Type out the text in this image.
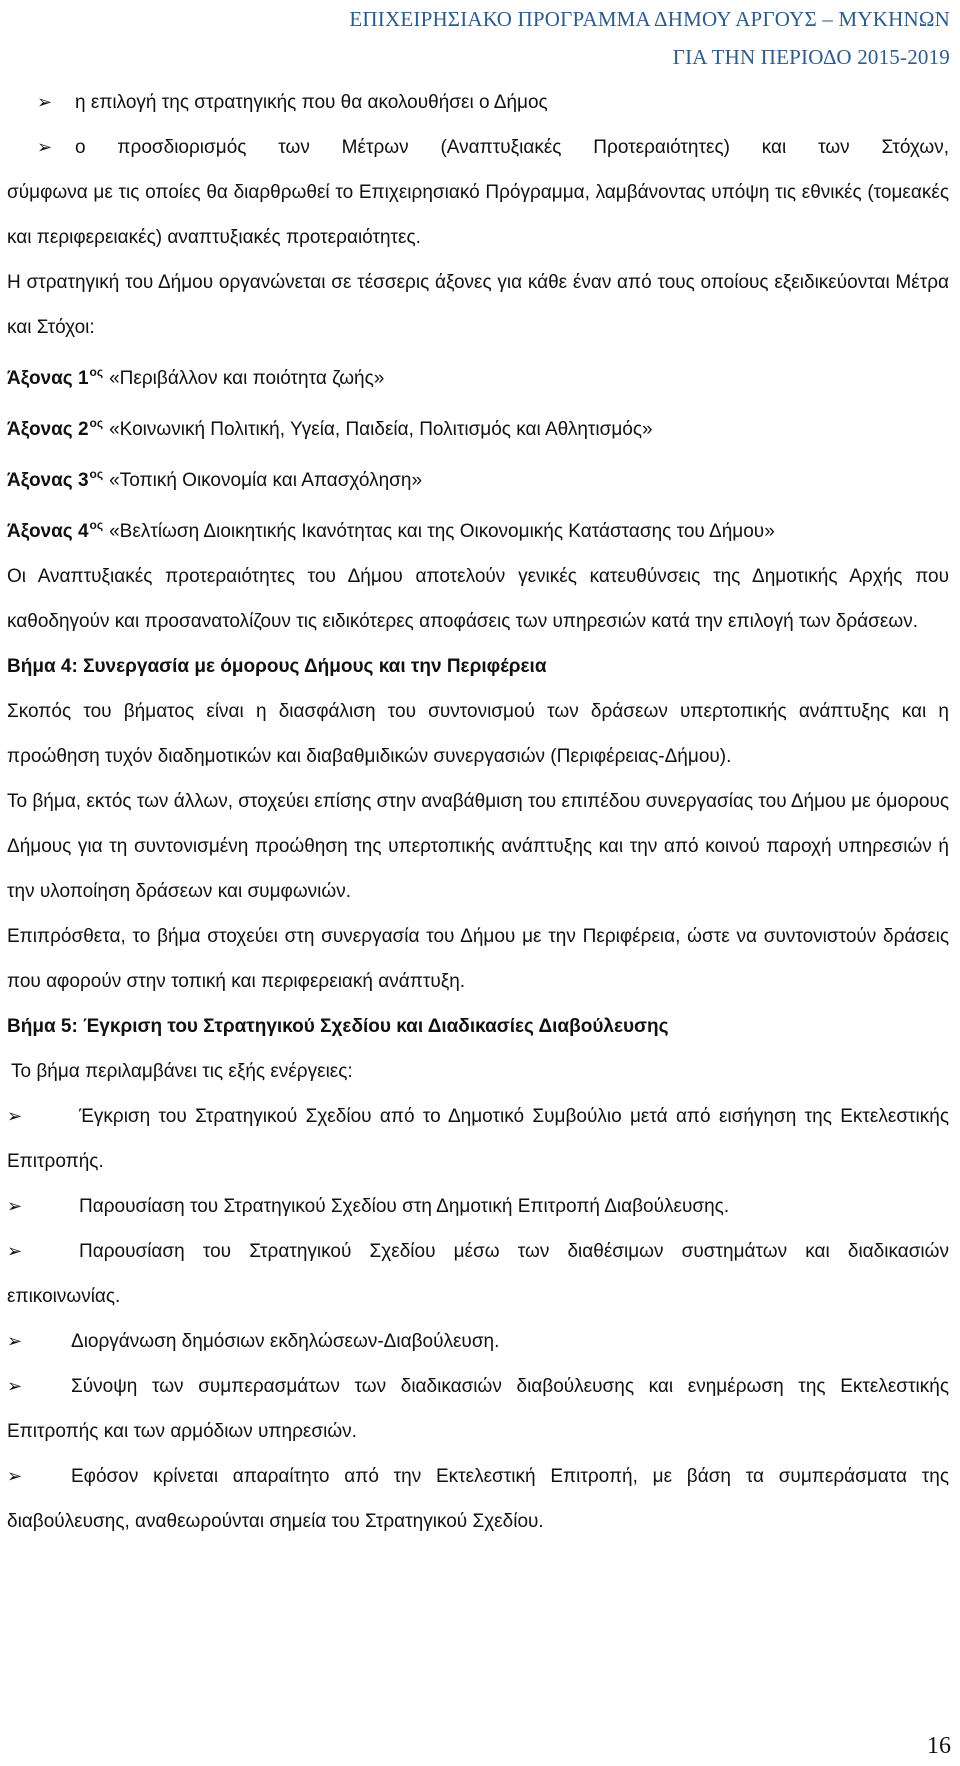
ΕΠΙΧΕΙΡΗΣΙΑΚΟ ΠΡΟΓΡΑΜΜΑ ΔΗΜΟΥ ΑΡΓΟΥΣ – ΜΥΚΗΝΩΝ
ΓΙΑ ΤΗΝ ΠΕΡΙΟΔΟ 2015-2019

➢ η επιλογή της στρατηγικής που θα ακολουθήσει ο Δήμος

➢ ο προσδιορισμός των Μέτρων (Αναπτυξιακές Προτεραιότητες) και των Στόχων,

σύμφωνα με τις οποίες θα διαρθρωθεί το Επιχειρησιακό Πρόγραμμα, λαμβάνοντας υπόψη τις εθνικές (τομεακές και περιφερειακές) αναπτυξιακές προτεραιότητες.

Η στρατηγική του Δήμου οργανώνεται σε τέσσερις άξονες για κάθε έναν από τους οποίους εξειδικεύονται Μέτρα και Στόχοι:

Άξονας $1^{o\varsigma}$ «Περιβάλλον και ποιότητα ζωής»

Άξονας $2^{o\varsigma}$ «Κοινωνική Πολιτική, Υγεία, Παιδεία, Πολιτισμός και Αθλητισμός»

Άξονας $3^{o\varsigma}$ «Τοπική Οικονομία και Απασχόληση»

Άξονας $4^{o\varsigma}$ «Βελτίωση Διοικητικής Ικανότητας και της Οικονομικής Κατάστασης του Δήμου»

Οι Αναπτυξιακές προτεραιότητες του Δήμου αποτελούν γενικές κατευθύνσεις της Δημοτικής Αρχής που καθοδηγούν και προσανατολίζουν τις ειδικότερες αποφάσεις των υπηρεσιών κατά την επιλογή των δράσεων.

Βήμα 4: Συνεργασία με όμορους Δήμους και την Περιφέρεια

Σκοπός του βήματος είναι η διασφάλιση του συντονισμού των δράσεων υπερτοπικής ανάπτυξης και η προώθηση τυχόν διαδημοτικών και διαβαθμιδικών συνεργασιών (Περιφέρειας-Δήμου).

Το βήμα, εκτός των άλλων, στοχεύει επίσης στην αναβάθμιση του επιπέδου συνεργασίας του Δήμου με όμορους Δήμους για τη συντονισμένη προώθηση της υπερτοπικής ανάπτυξης και την από κοινού παροχή υπηρεσιών ή την υλοποίηση δράσεων και συμφωνιών.

Επιπρόσθετα, το βήμα στοχεύει στη συνεργασία του Δήμου με την Περιφέρεια, ώστε να συντονιστούν δράσεις που αφορούν στην τοπική και περιφερειακή ανάπτυξη.

Βήμα 5: Έγκριση του Στρατηγικού Σχεδίου και Διαδικασίες Διαβούλευσης

Το βήμα περιλαμβάνει τις εξής ενέργειες:

➢	Έγκριση του Στρατηγικού Σχεδίου από το Δημοτικό Συμβούλιο μετά από εισήγηση της Εκτελεστικής Επιτροπής.

➢	Παρουσίαση του Στρατηγικού Σχεδίου στη Δημοτική Επιτροπή Διαβούλευσης.

➢	Παρουσίαση του Στρατηγικού Σχεδίου μέσω των διαθέσιμων συστημάτων και διαδικασιών επικοινωνίας.

➢	Διοργάνωση δημόσιων εκδηλώσεων-Διαβούλευση.

➢	Σύνοψη των συμπερασμάτων των διαδικασιών διαβούλευσης και ενημέρωση της Εκτελεστικής Επιτροπής και των αρμόδιων υπηρεσιών.

➢	Εφόσον κρίνεται απαραίτητο από την Εκτελεστική Επιτροπή, με βάση τα συμπεράσματα της διαβούλευσης, αναθεωρούνται σημεία του Στρατηγικού Σχεδίου.

16
